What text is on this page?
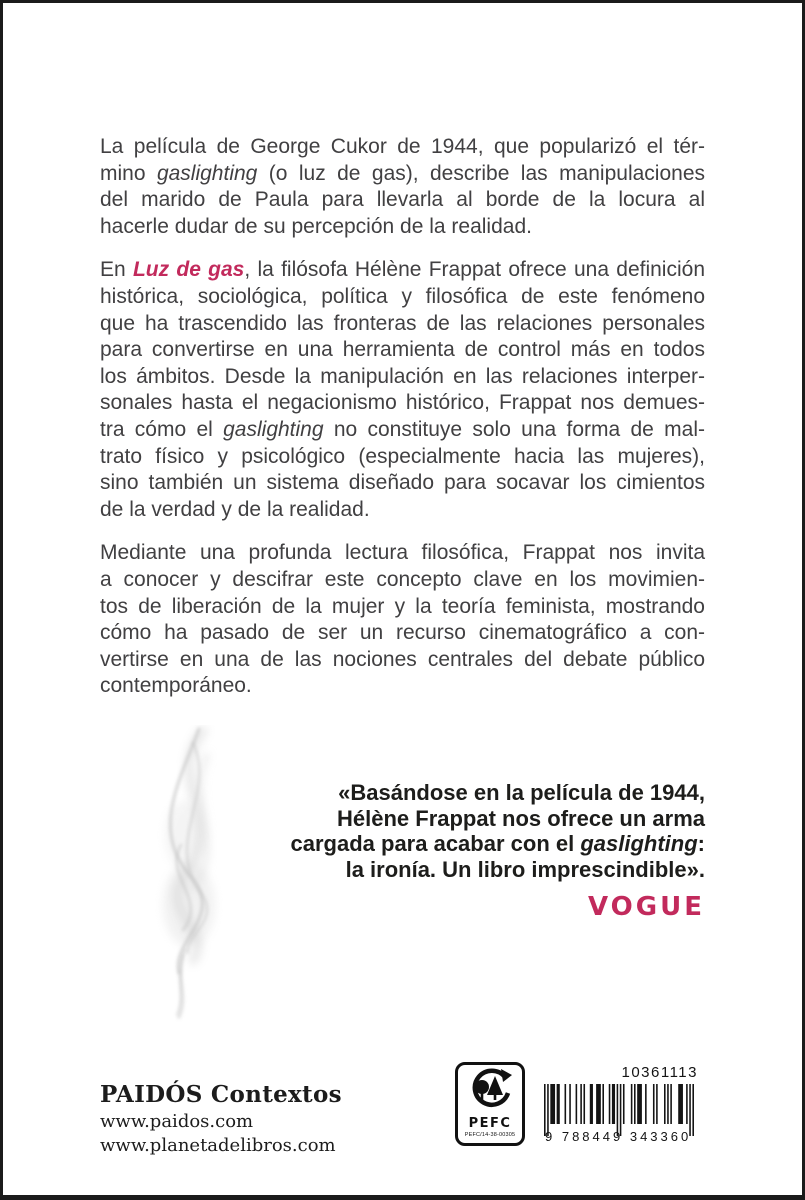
La película de George Cukor de 1944, que popularizó el tér-
mino gaslighting (o luz de gas), describe las manipulaciones
del marido de Paula para llevarla al borde de la locura al
hacerle dudar de su percepción de la realidad.
En Luz de gas, la filósofa Hélène Frappat ofrece una definición
histórica, sociológica, política y filosófica de este fenómeno
que ha trascendido las fronteras de las relaciones personales
para convertirse en una herramienta de control más en todos
los ámbitos. Desde la manipulación en las relaciones interper-
sonales hasta el negacionismo histórico, Frappat nos demues-
tra cómo el gaslighting no constituye solo una forma de mal-
trato físico y psicológico (especialmente hacia las mujeres),
sino también un sistema diseñado para socavar los cimientos
de la verdad y de la realidad.
Mediante una profunda lectura filosófica, Frappat nos invita
a conocer y descifrar este concepto clave en los movimien-
tos de liberación de la mujer y la teoría feminista, mostrando
cómo ha pasado de ser un recurso cinematográfico a con-
vertirse en una de las nociones centrales del debate público
contemporáneo.
«Basándose en la película de 1944,
Hélène Frappat nos ofrece un arma
cargada para acabar con el gaslighting:
la ironía. Un libro imprescindible».
VOGUE
PAIDÓS Contextos
www.paidos.com
www.planetadelibros.com
PEFC
PEFC/14-38-00305
10361113
9 788449 343360
